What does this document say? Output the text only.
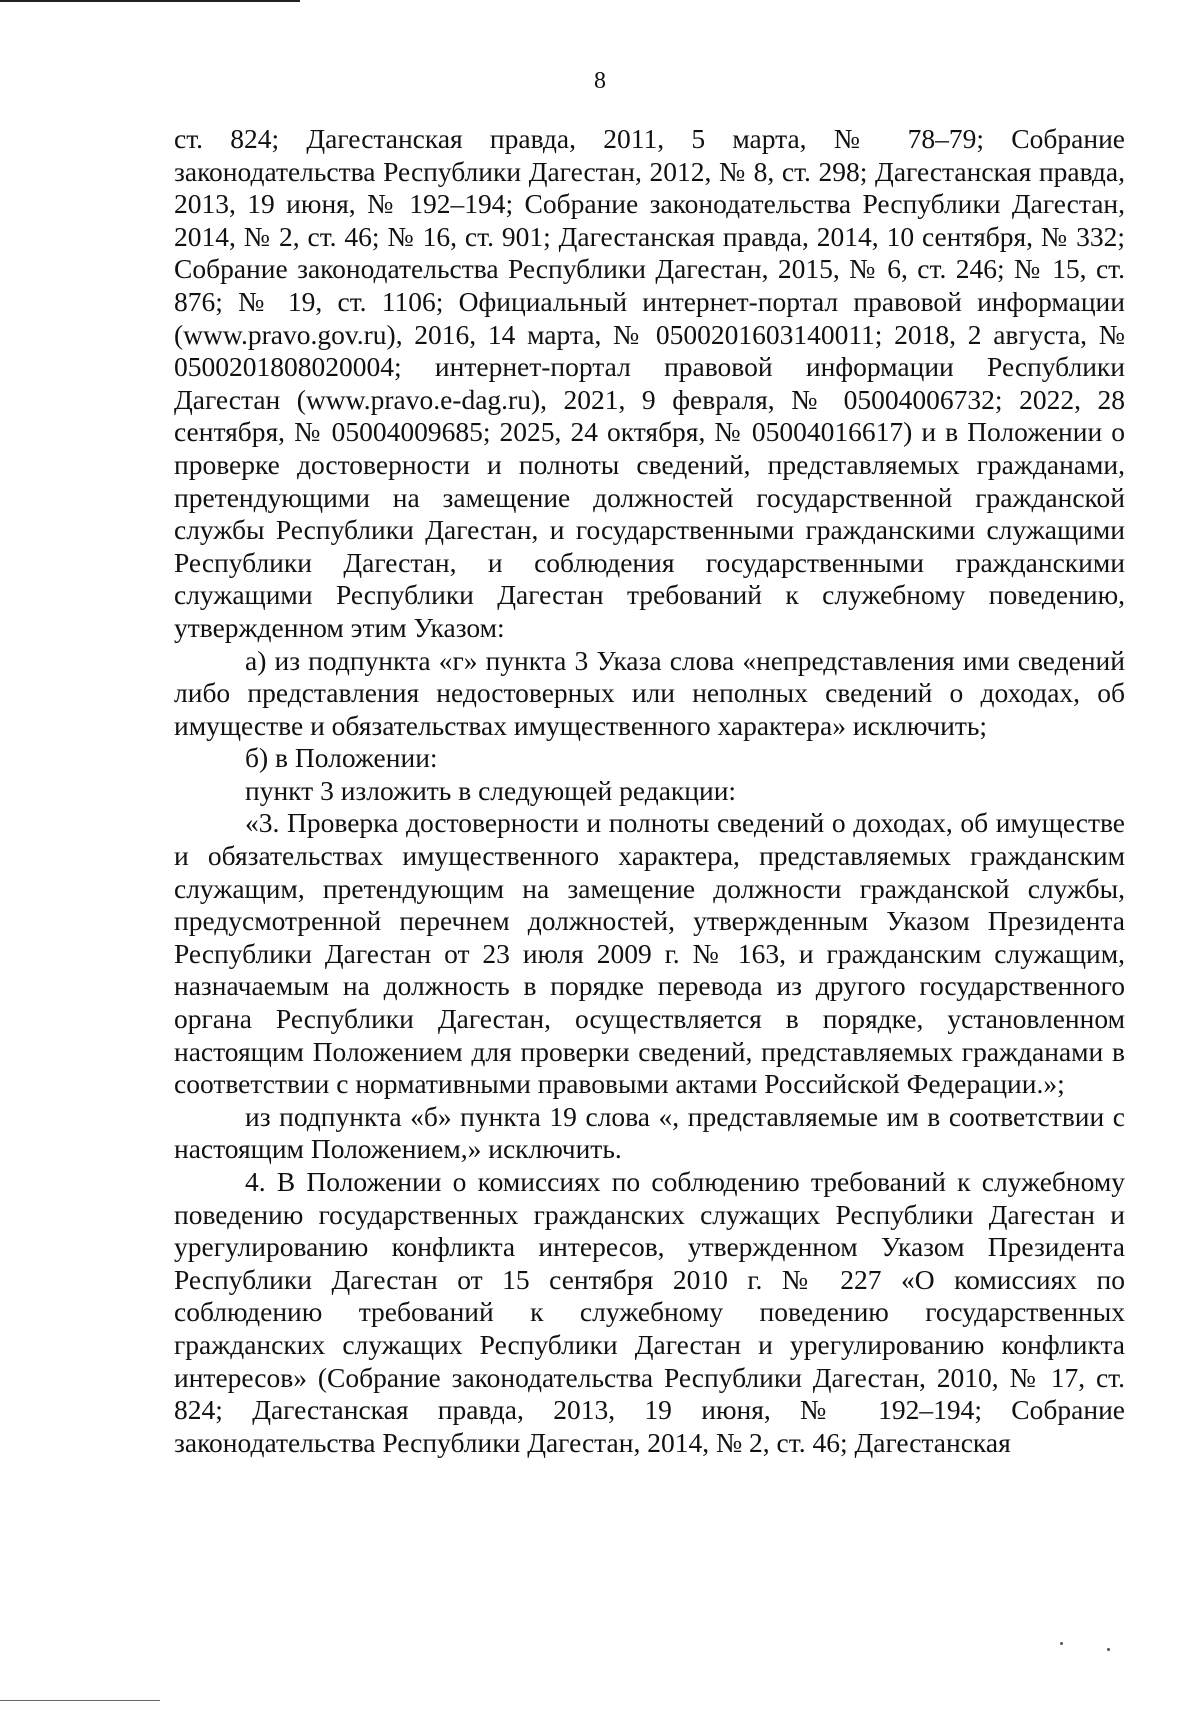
8

ст. 824; Дагестанская правда, 2011, 5 марта, № 78–79; Собрание законодательства Республики Дагестан, 2012, № 8, ст. 298; Дагестанская правда, 2013, 19 июня, № 192–194; Собрание законодательства Республики Дагестан, 2014, № 2, ст. 46; № 16, ст. 901; Дагестанская правда, 2014, 10 сентября, № 332; Собрание законодательства Республики Дагестан, 2015, № 6, ст. 246; № 15, ст. 876; № 19, ст. 1106; Официальный интернет-портал правовой информации (www.pravo.gov.ru), 2016, 14 марта, № 0500201603140011; 2018, 2 августа, № 0500201808020004; интернет-портал правовой информации Республики Дагестан (www.pravo.e-dag.ru), 2021, 9 февраля, № 05004006732; 2022, 28 сентября, № 05004009685; 2025, 24 октября, № 05004016617) и в Положении о проверке достоверности и полноты сведений, представляемых гражданами, претендующими на замещение должностей государственной гражданской службы Республики Дагестан, и государственными гражданскими служащими Республики Дагестан, и соблюдения государственными гражданскими служащими Республики Дагестан требований к служебному поведению, утвержденном этим Указом:

а) из подпункта «г» пункта 3 Указа слова «непредставления ими сведений либо представления недостоверных или неполных сведений о доходах, об имуществе и обязательствах имущественного характера» исключить;

б) в Положении:

пункт 3 изложить в следующей редакции:

«3. Проверка достоверности и полноты сведений о доходах, об имуществе и обязательствах имущественного характера, представляемых гражданским служащим, претендующим на замещение должности гражданской службы, предусмотренной перечнем должностей, утвержденным Указом Президента Республики Дагестан от 23 июля 2009 г. № 163, и гражданским служащим, назначаемым на должность в порядке перевода из другого государственного органа Республики Дагестан, осуществляется в порядке, установленном настоящим Положением для проверки сведений, представляемых гражданами в соответствии с нормативными правовыми актами Российской Федерации.»;

из подпункта «б» пункта 19 слова «, представляемые им в соответствии с настоящим Положением,» исключить.

4. В Положении о комиссиях по соблюдению требований к служебному поведению государственных гражданских служащих Республики Дагестан и урегулированию конфликта интересов, утвержденном Указом Президента Республики Дагестан от 15 сентября 2010 г. № 227 «О комиссиях по соблюдению требований к служебному поведению государственных гражданских служащих Республики Дагестан и урегулированию конфликта интересов» (Собрание законодательства Республики Дагестан, 2010, № 17, ст. 824; Дагестанская правда, 2013, 19 июня, № 192–194; Собрание законодательства Республики Дагестан, 2014, № 2, ст. 46; Дагестанская
